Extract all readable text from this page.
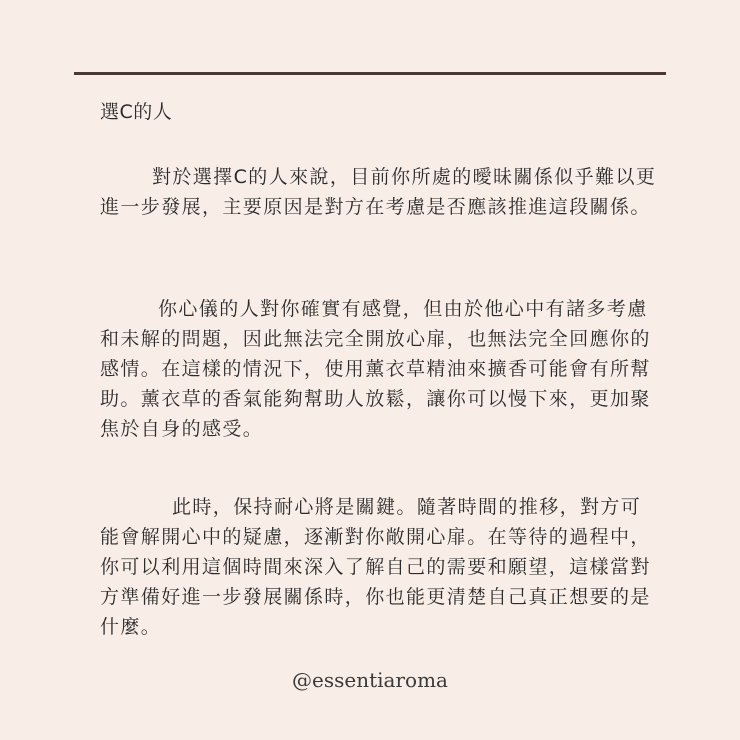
選C的人

對於選擇C的人來說，目前你所處的曖昧關係似乎難以更進一步發展，主要原因是對方在考慮是否應該推進這段關係。

你心儀的人對你確實有感覺，但由於他心中有諸多考慮和未解的問題，因此無法完全開放心扉，也無法完全回應你的感情。在這樣的情況下，使用薰衣草精油來擴香可能會有所幫助。薰衣草的香氣能夠幫助人放鬆，讓你可以慢下來，更加聚焦於自身的感受。

此時，保持耐心將是關鍵。隨著時間的推移，對方可能會解開心中的疑慮，逐漸對你敞開心扉。在等待的過程中，你可以利用這個時間來深入了解自己的需要和願望，這樣當對方準備好進一步發展關係時，你也能更清楚自己真正想要的是什麼。

@essentiaroma
